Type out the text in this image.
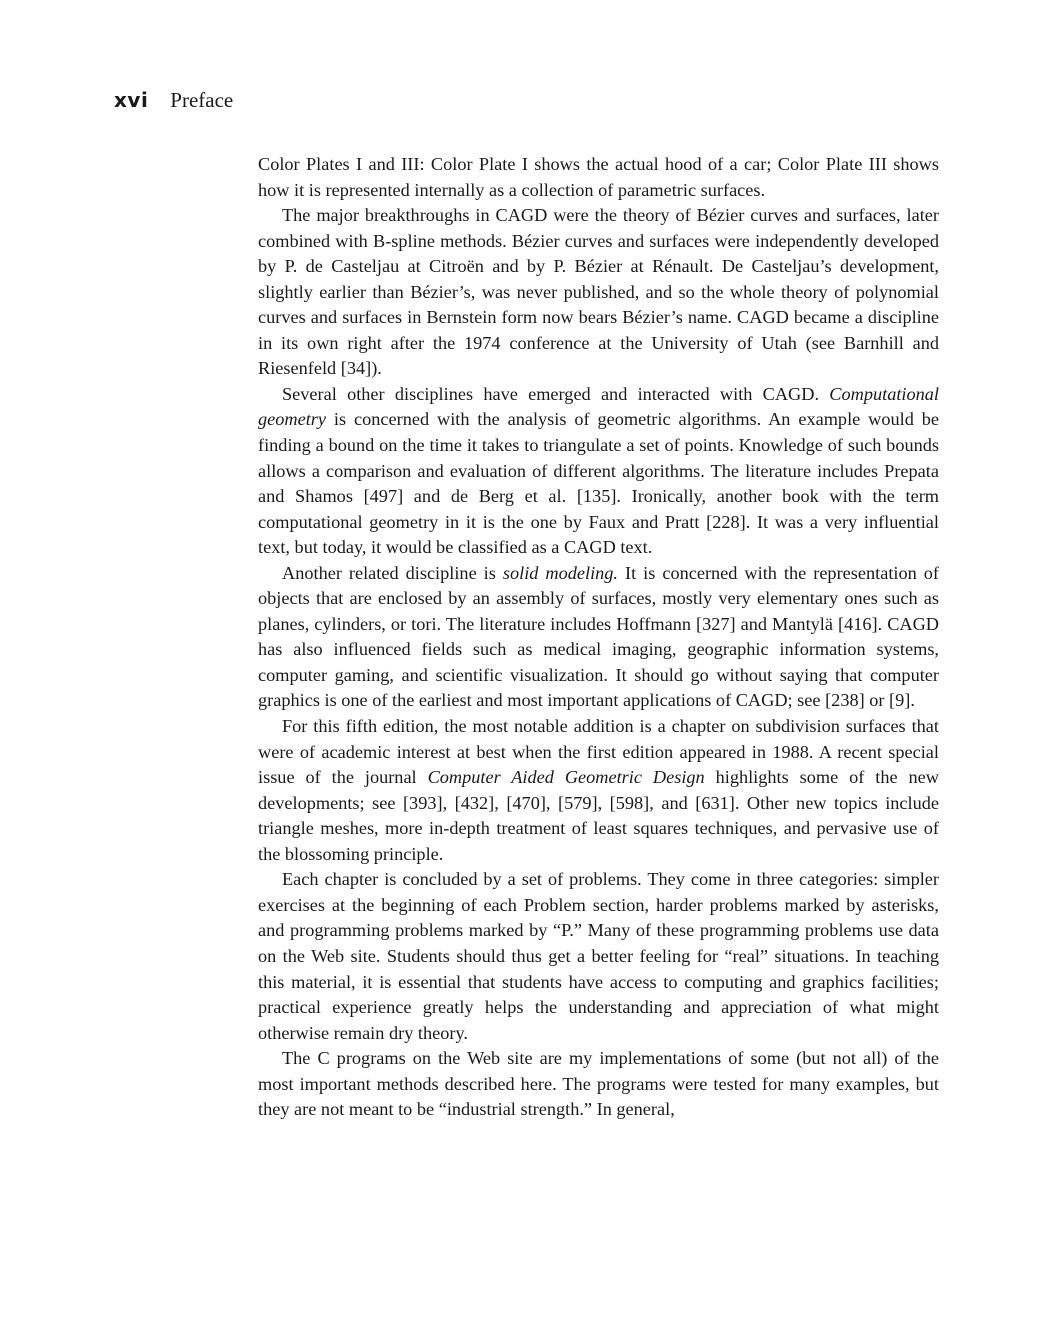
xvi Preface

Color Plates I and III: Color Plate I shows the actual hood of a car; Color Plate III shows how it is represented internally as a collection of parametric surfaces.

The major breakthroughs in CAGD were the theory of Bézier curves and surfaces, later combined with B-spline methods. Bézier curves and surfaces were independently developed by P. de Casteljau at Citroën and by P. Bézier at Rénault. De Casteljau’s development, slightly earlier than Bézier’s, was never published, and so the whole theory of polynomial curves and surfaces in Bernstein form now bears Bézier’s name. CAGD became a discipline in its own right after the 1974 conference at the University of Utah (see Barnhill and Riesenfeld [34]).

Several other disciplines have emerged and interacted with CAGD. Computational geometry is concerned with the analysis of geometric algorithms. An example would be finding a bound on the time it takes to triangulate a set of points. Knowledge of such bounds allows a comparison and evaluation of different algorithms. The literature includes Prepata and Shamos [497] and de Berg et al. [135]. Ironically, another book with the term computational geometry in it is the one by Faux and Pratt [228]. It was a very influential text, but today, it would be classified as a CAGD text.

Another related discipline is solid modeling. It is concerned with the representation of objects that are enclosed by an assembly of surfaces, mostly very elementary ones such as planes, cylinders, or tori. The literature includes Hoffmann [327] and Mantylä [416]. CAGD has also influenced fields such as medical imaging, geographic information systems, computer gaming, and scientific visualization. It should go without saying that computer graphics is one of the earliest and most important applications of CAGD; see [238] or [9].

For this fifth edition, the most notable addition is a chapter on subdivision surfaces that were of academic interest at best when the first edition appeared in 1988. A recent special issue of the journal Computer Aided Geometric Design highlights some of the new developments; see [393], [432], [470], [579], [598], and [631]. Other new topics include triangle meshes, more in-depth treatment of least squares techniques, and pervasive use of the blossoming principle.

Each chapter is concluded by a set of problems. They come in three categories: simpler exercises at the beginning of each Problem section, harder problems marked by asterisks, and programming problems marked by “P.” Many of these programming problems use data on the Web site. Students should thus get a better feeling for “real” situations. In teaching this material, it is essential that students have access to computing and graphics facilities; practical experience greatly helps the understanding and appreciation of what might otherwise remain dry theory.

The C programs on the Web site are my implementations of some (but not all) of the most important methods described here. The programs were tested for many examples, but they are not meant to be “industrial strength.” In general,
